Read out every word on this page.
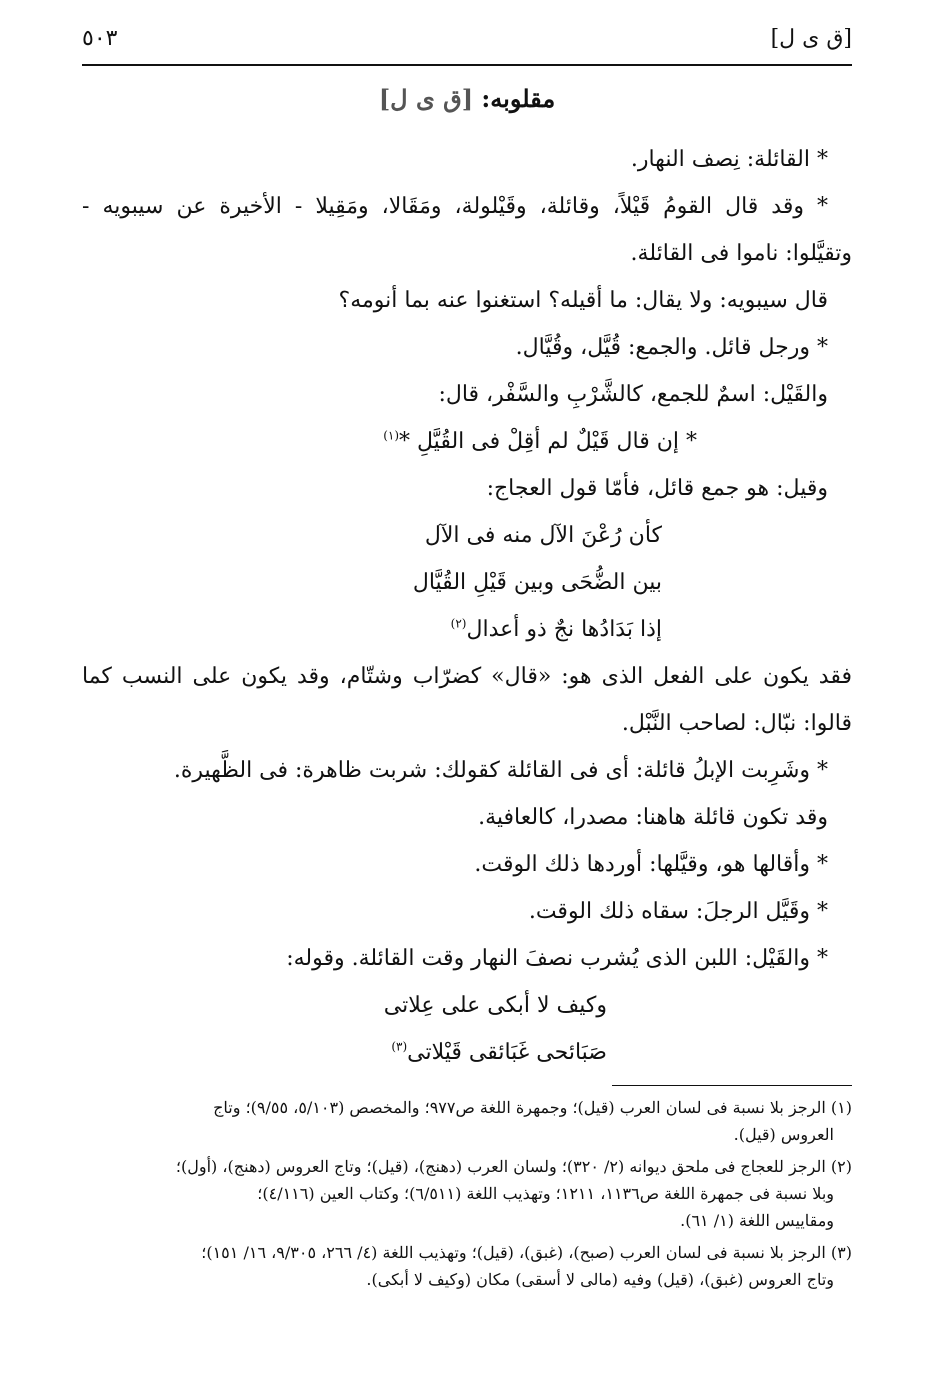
[ق ى ل]
٥٠٣
مقلوبه: [ق ى ل]
* القائلة: نِصف النهار.
* وقد قال القومُ قَيْلاً، وقائلة، وقَيْلولة، ومَقَالا، ومَقِيلا - الأخيرة عن سيبويه -
وتقيَّلوا: ناموا فى القائلة.
قال سيبويه: ولا يقال: ما أقيله؟ استغنوا عنه بما أنومه؟
* ورجل قائل. والجمع: قُيَّل، وقُيَّال.
والقَيْل: اسمٌ للجمع، كالشَّرْبِ والسَّفْر، قال:
* إن قال قَيْلٌ لم أقِلْ فى القُيَّلِ *$^{(١)}$
وقيل: هو جمع قائل، فأمّا قول العجاج:
كأن رُعْنَ الآل منه فى الآل
بين الضُّحَى وبين قَيْلِ القُيَّال
إذا بَدَادُها نجٌ ذو أعدال$^{(٢)}$
فقد يكون على الفعل الذى هو: «قال» كضرّاب وشتّام، وقد يكون على النسب كما
قالوا: نبّال: لصاحب النَّبْل.
* وشَرِبت الإبلُ قائلة: أى فى القائلة كقولك: شربت ظاهرة: فى الظَّهيرة.
وقد تكون قائلة هاهنا: مصدرا، كالعافية.
* وأقالها هو، وقيَّلها: أوردها ذلك الوقت.
* وقَيَّل الرجلَ: سقاه ذلك الوقت.
* والقَيْل: اللبن الذى يُشرب نصفَ النهار وقت القائلة. وقوله:
وكيف لا أبكى على عِلاتى
صَبَائحى غَبَائقى قَيْلاتى$^{(٣)}$
(١) الرجز بلا نسبة فى لسان العرب (قيل)؛ وجمهرة اللغة ص٩٧٧؛ والمخصص (٥/١٠٣، ٩/٥٥)؛ وتاج
العروس (قيل).
(٢) الرجز للعجاج فى ملحق ديوانه (٢/ ٣٢٠)؛ ولسان العرب (دهنج)، (قيل)؛ وتاج العروس (دهنج)، (أول)؛
وبلا نسبة فى جمهرة اللغة ص١١٣٦، ١٢١١؛ وتهذيب اللغة (٦/٥١١)؛ وكتاب العين (٤/١١٦)؛
ومقاييس اللغة (١/ ٦١).
(٣) الرجز بلا نسبة فى لسان العرب (صبح)، (غبق)، (قيل)؛ وتهذيب اللغة (٤/ ٢٦٦، ٩/٣٠٥، ١٦/ ١٥١)؛
وتاج العروس (غبق)، (قيل) وفيه (مالى لا أسقى) مكان (وكيف لا أبكى).
